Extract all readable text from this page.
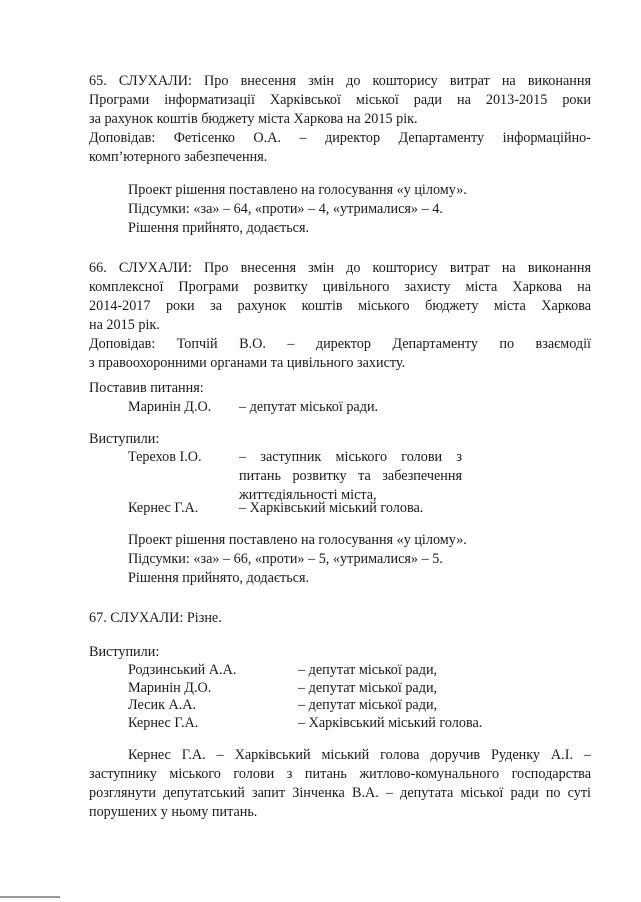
65. СЛУХАЛИ: Про внесення змін до кошторису витрат на виконання
Програми інформатизації Харківської міської ради на 2013-2015 роки
за рахунок коштів бюджету міста Харкова на 2015 рік.
Доповідав: Фетісенко О.А. – директор Департаменту інформаційно-
комп’ютерного забезпечення.
Проект рішення поставлено на голосування «у цілому».
Підсумки: «за» – 64, «проти» – 4, «утрималися» – 4.
Рішення прийнято, додається.
66. СЛУХАЛИ: Про внесення змін до кошторису витрат на виконання
комплексної Програми розвитку цивільного захисту міста Харкова на
2014-2017 роки за рахунок коштів міського бюджету міста Харкова
на 2015 рік.
Доповідав: Топчій В.О. – директор Департаменту по взаємодії
з правоохоронними органами та цивільного захисту.
Поставив питання:
Маринін Д.О. – депутат міської ради.
Виступили:
Терехов І.О.	– заступник міського голови з
питань розвитку та забезпечення
життєдіяльності міста,
Кернес Г.А.	– Харківський міський голова.
Проект рішення поставлено на голосування «у цілому».
Підсумки: «за» – 66, «проти» – 5, «утрималися» – 5.
Рішення прийнято, додається.
67. СЛУХАЛИ: Різне.
Виступили:
Родзинський А.А.	– депутат міської ради,
Маринін Д.О.	– депутат міської ради,
Лесик А.А.	– депутат міської ради,
Кернес Г.А.	– Харківський міський голова.
Кернес Г.А. – Харківський міський голова доручив Руденку А.І. –
заступнику міського голови з питань житлово-комунального господарства
розглянути депутатський запит Зінченка В.А. – депутата міської ради по суті
порушених у ньому питань.
